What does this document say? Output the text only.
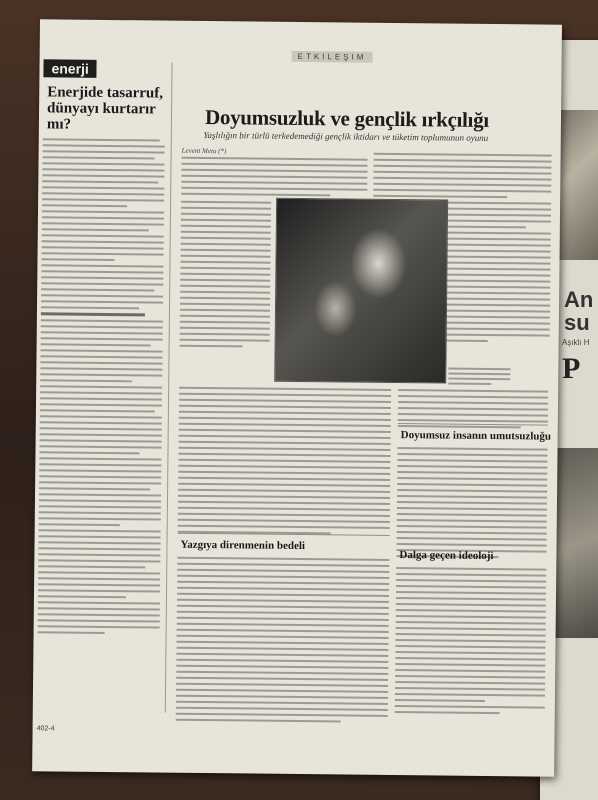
An
su
Aşıklı H
P
ETKILEŞIM
enerji
Enerjide tasarruf, dünyayı kurtarır mı?	Doyumsuzluk ve gençlik ırkçılığı
Yaşlılığın bir türlü terkedemediği gençlik iktidarı ve tüketim toplumunun oyunu
Levent Meto (*)
Yazgıya direnmenin bedeli
Doyumsuz insanın umutsuzluğu
Dalga geçen ideoloji
402-4
